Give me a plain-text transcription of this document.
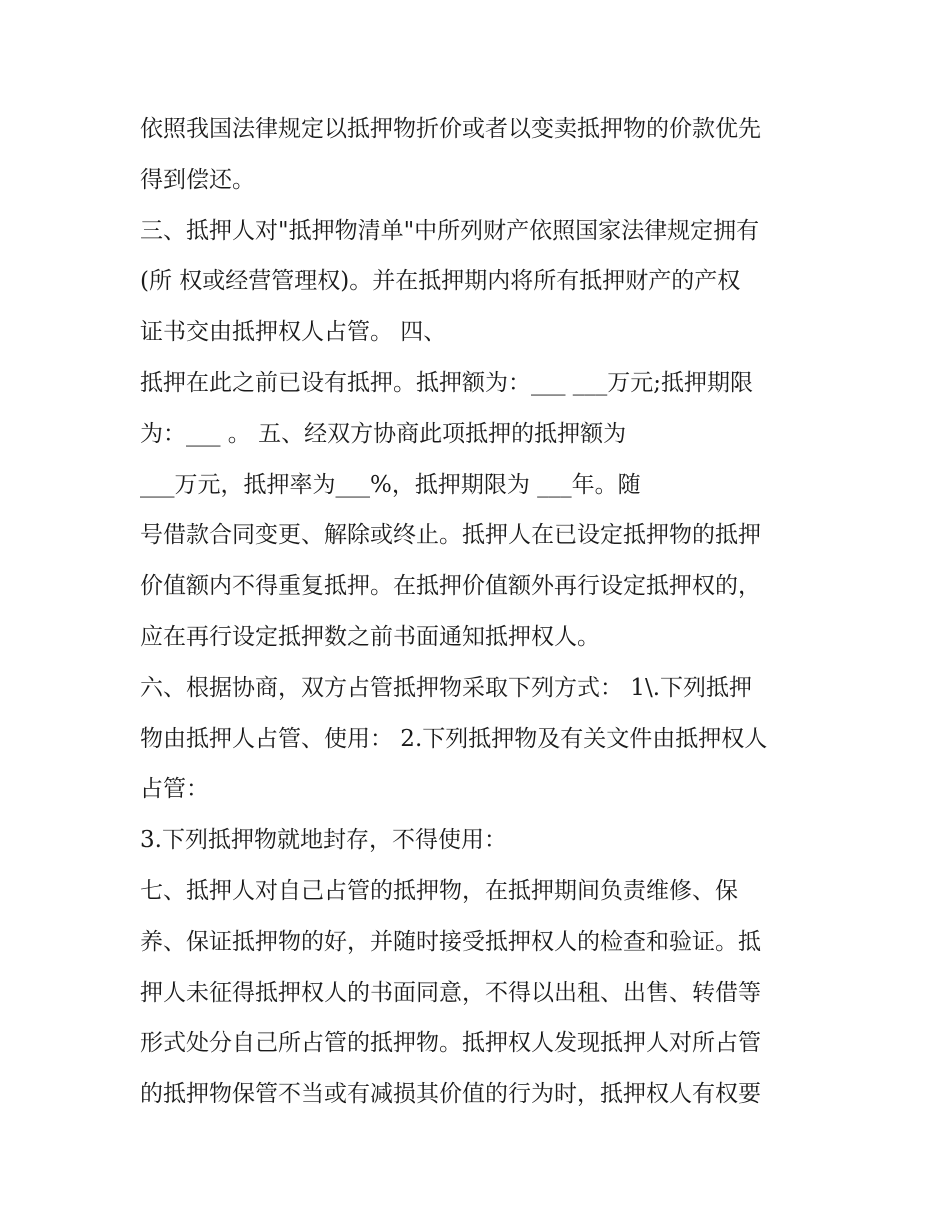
依照我国法律规定以抵押物折价或者以变卖抵押物的价款优先
得到偿还。
三、抵押人对"抵押物清单"中所列财产依照国家法律规定拥有
(所 权或经营管理权)。并在抵押期内将所有抵押财产的产权
证书交由抵押权人占管。 四、
抵押在此之前已设有抵押。抵押额为：___ ___万元;抵押期限
为：___ 。 五、经双方协商此项抵押的抵押额为
___万元，抵押率为___%，抵押期限为 ___年。随
号借款合同变更、解除或终止。抵押人在已设定抵押物的抵押
价值额内不得重复抵押。在抵押价值额外再行设定抵押权的，
应在再行设定抵押数之前书面通知抵押权人。
六、根据协商，双方占管抵押物采取下列方式： 1\.下列抵押
物由抵押人占管、使用： 2.下列抵押物及有关文件由抵押权人
占管：
3.下列抵押物就地封存，不得使用：
七、抵押人对自己占管的抵押物，在抵押期间负责维修、保
养、保证抵押物的好，并随时接受抵押权人的检查和验证。抵
押人未征得抵押权人的书面同意，不得以出租、出售、转借等
形式处分自己所占管的抵押物。抵押权人发现抵押人对所占管
的抵押物保管不当或有减损其价值的行为时，抵押权人有权要
